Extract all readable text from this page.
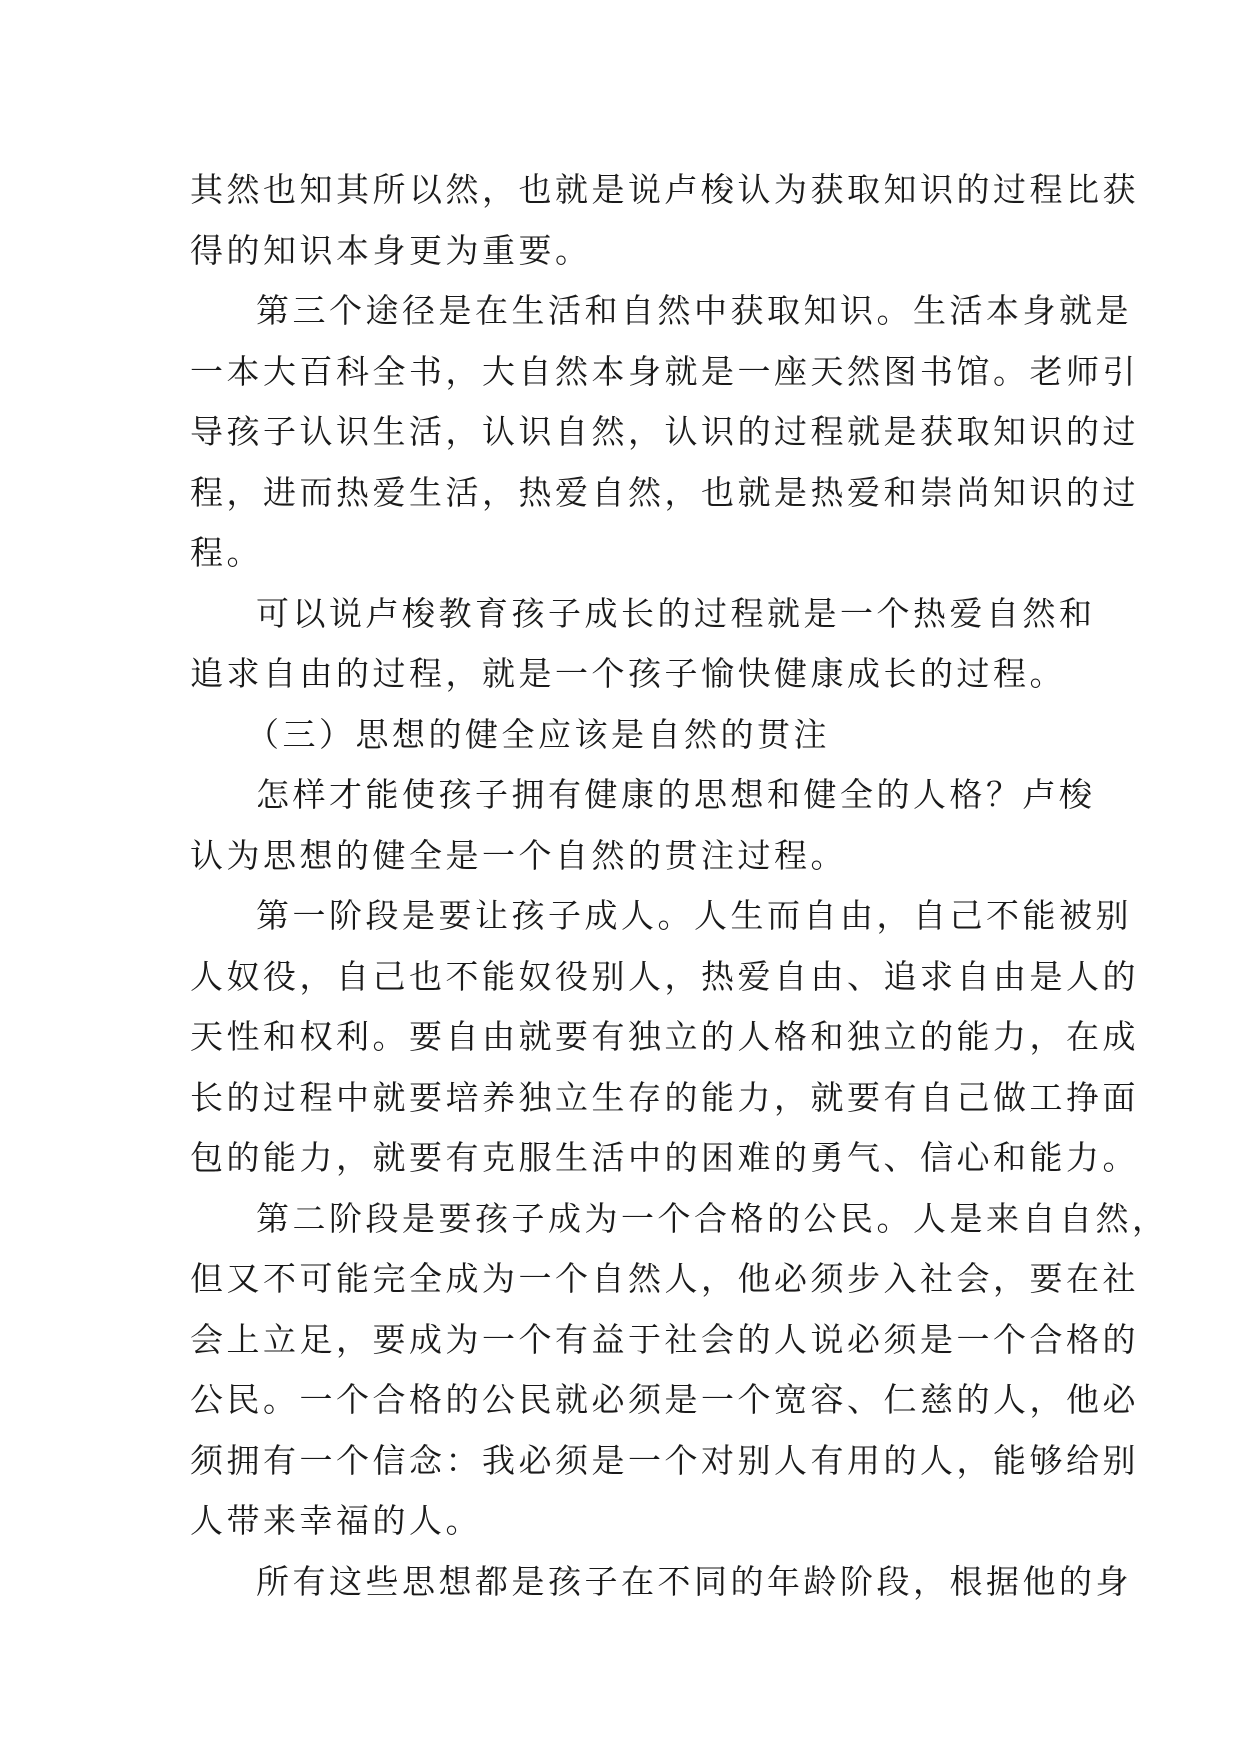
其然也知其所以然，也就是说卢梭认为获取知识的过程比获
得的知识本身更为重要。
第三个途径是在生活和自然中获取知识。生活本身就是
一本大百科全书，大自然本身就是一座天然图书馆。老师引
导孩子认识生活，认识自然，认识的过程就是获取知识的过
程，进而热爱生活，热爱自然，也就是热爱和崇尚知识的过
程。
可以说卢梭教育孩子成长的过程就是一个热爱自然和
追求自由的过程，就是一个孩子愉快健康成长的过程。
（三）思想的健全应该是自然的贯注
怎样才能使孩子拥有健康的思想和健全的人格？卢梭
认为思想的健全是一个自然的贯注过程。
第一阶段是要让孩子成人。人生而自由，自己不能被别
人奴役，自己也不能奴役别人，热爱自由、追求自由是人的
天性和权利。要自由就要有独立的人格和独立的能力，在成
长的过程中就要培养独立生存的能力，就要有自己做工挣面
包的能力，就要有克服生活中的困难的勇气、信心和能力。
第二阶段是要孩子成为一个合格的公民。人是来自自然，
但又不可能完全成为一个自然人，他必须步入社会，要在社
会上立足，要成为一个有益于社会的人说必须是一个合格的
公民。一个合格的公民就必须是一个宽容、仁慈的人，他必
须拥有一个信念：我必须是一个对别人有用的人，能够给别
人带来幸福的人。
所有这些思想都是孩子在不同的年龄阶段，根据他的身
